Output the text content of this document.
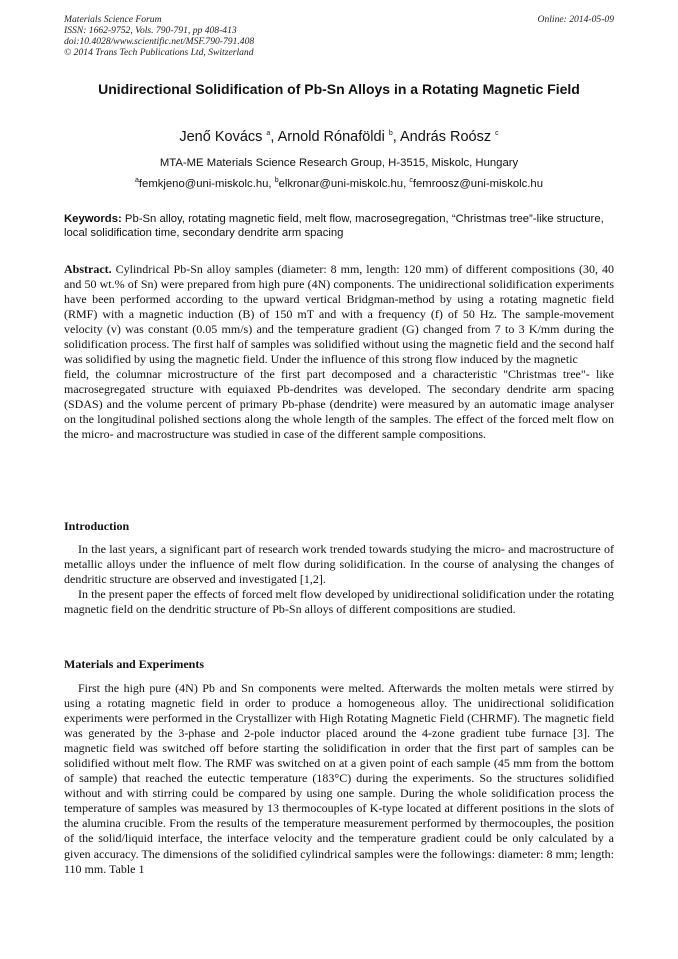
Materials Science Forum
ISSN: 1662-9752, Vols. 790-791, pp 408-413
doi:10.4028/www.scientific.net/MSF.790-791.408
© 2014 Trans Tech Publications Ltd, Switzerland
Online: 2014-05-09
Unidirectional Solidification of Pb-Sn Alloys in a Rotating Magnetic Field
Jenő Kovács $^a$, Arnold Rónaföldi $^b$, András Roósz $^c$
MTA-ME Materials Science Research Group, H-3515, Miskolc, Hungary
$^a$femkjeno@uni-miskolc.hu, $^b$elkronar@uni-miskolc.hu, $^c$femroosz@uni-miskolc.hu
Keywords: Pb-Sn alloy, rotating magnetic field, melt flow, macrosegregation, “Christmas tree”-like structure, local solidification time, secondary dendrite arm spacing
Abstract. Cylindrical Pb-Sn alloy samples (diameter: 8 mm, length: 120 mm) of different compositions (30, 40 and 50 wt.% of Sn) were prepared from high pure (4N) components. The unidirectional solidification experiments have been performed according to the upward vertical Bridgman-method by using a rotating magnetic field (RMF) with a magnetic induction (B) of 150 mT and with a frequency (f) of 50 Hz. The sample-movement velocity (v) was constant (0.05 mm/s) and the temperature gradient (G) changed from 7 to 3 K/mm during the solidification process. The first half of samples was solidified without using the magnetic field and the second half was solidified by using the magnetic field. Under the influence of this strong flow induced by the magnetic
field, the columnar microstructure of the first part decomposed and a characteristic "Christmas tree"- like macrosegregated structure with equiaxed Pb-dendrites was developed. The secondary dendrite arm spacing (SDAS) and the volume percent of primary Pb-phase (dendrite) were measured by an automatic image analyser on the longitudinal polished sections along the whole length of the samples. The effect of the forced melt flow on the micro- and macrostructure was studied in case of the different sample compositions.
Introduction
In the last years, a significant part of research work trended towards studying the micro- and macrostructure of metallic alloys under the influence of melt flow during solidification. In the course of analysing the changes of dendritic structure are observed and investigated [1,2].
In the present paper the effects of forced melt flow developed by unidirectional solidification under the rotating magnetic field on the dendritic structure of Pb-Sn alloys of different compositions are studied.
Materials and Experiments
First the high pure (4N) Pb and Sn components were melted. Afterwards the molten metals were stirred by using a rotating magnetic field in order to produce a homogeneous alloy. The unidirectional solidification experiments were performed in the Crystallizer with High Rotating Magnetic Field (CHRMF). The magnetic field was generated by the 3-phase and 2-pole inductor placed around the 4-zone gradient tube furnace [3]. The magnetic field was switched off before starting the solidification in order that the first part of samples can be solidified without melt flow. The RMF was switched on at a given point of each sample (45 mm from the bottom of sample) that reached the eutectic temperature (183°C) during the experiments. So the structures solidified without and with stirring could be compared by using one sample. During the whole solidification process the temperature of samples was measured by 13 thermocouples of K-type located at different positions in the slots of the alumina crucible. From the results of the temperature measurement performed by thermocouples, the position of the solid/liquid interface, the interface velocity and the temperature gradient could be only calculated by a given accuracy. The dimensions of the solidified cylindrical samples were the followings: diameter: 8 mm; length: 110 mm. Table 1
